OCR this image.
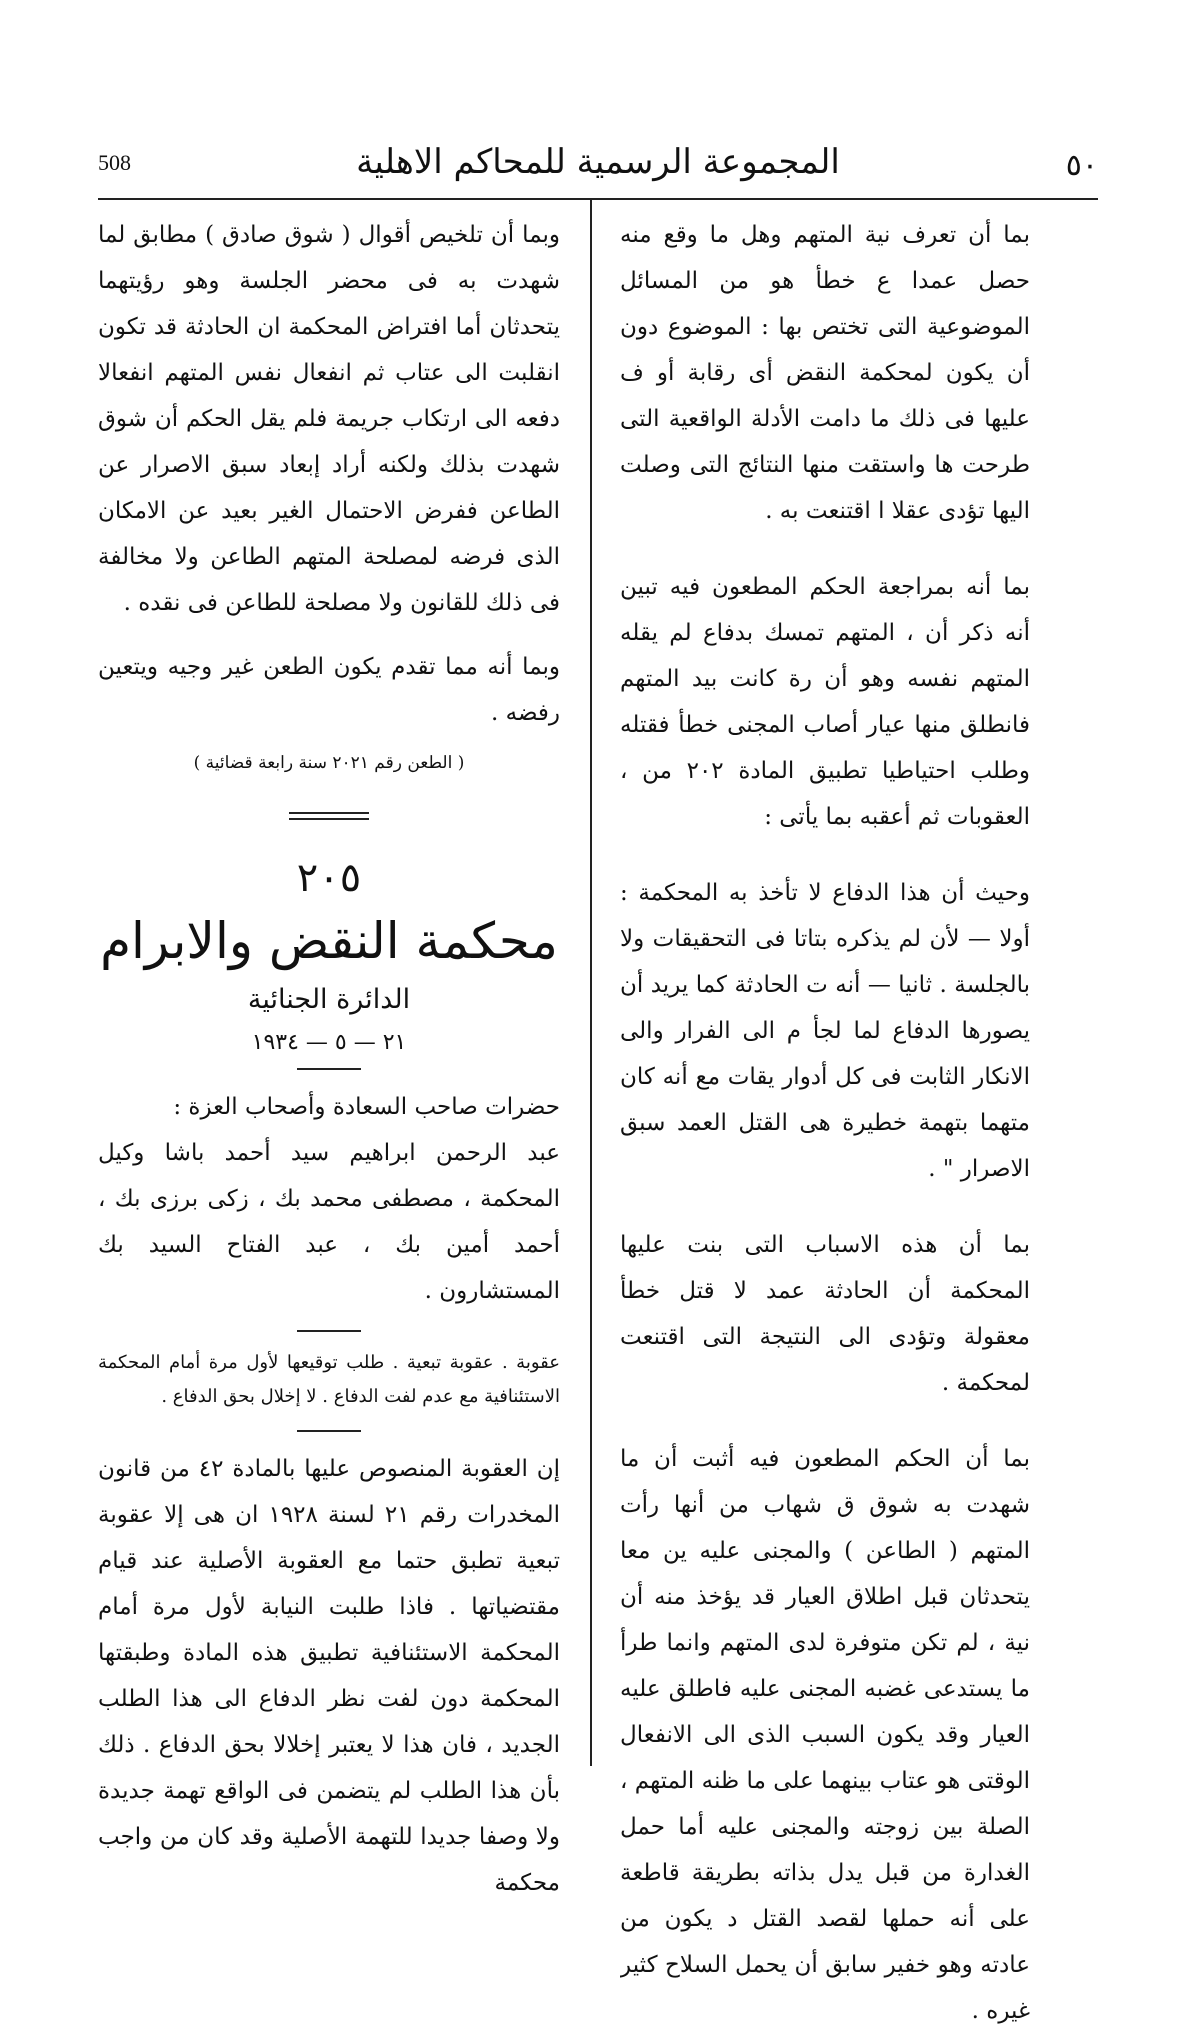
508	المجموعة الرسمية للمحاكم الاهلية	٥٠

بما أن تعرف نية المتهم وهل ما وقع منه حصل عمدا ع خطأ هو من المسائل الموضوعية التى تختص بها : الموضوع دون أن يكون لمحكمة النقض أى رقابة أو ف عليها فى ذلك ما دامت الأدلة الواقعية التى طرحت ها واستقت منها النتائج التى وصلت اليها تؤدى عقلا ا اقتنعت به .

بما أنه بمراجعة الحكم المطعون فيه تبين أنه ذكر أن ، المتهم تمسك بدفاع لم يقله المتهم نفسه وهو أن رة كانت بيد المتهم فانطلق منها عيار أصاب المجنى خطأ فقتله وطلب احتياطيا تطبيق المادة ٢٠٢ من ، العقوبات ثم أعقبه بما يأتى :

وحيث أن هذا الدفاع لا تأخذ به المحكمة : أولا — لأن لم يذكره بتاتا فى التحقيقات ولا بالجلسة . ثانيا — أنه ت الحادثة كما يريد أن يصورها الدفاع لما لجأ م الى الفرار والى الانكار الثابت فى كل أدوار يقات مع أنه كان متهما بتهمة خطيرة هى القتل العمد سبق الاصرار " .

بما أن هذه الاسباب التى بنت عليها المحكمة أن الحادثة عمد لا قتل خطأ معقولة وتؤدى الى النتيجة التى اقتنعت لمحكمة .

بما أن الحكم المطعون فيه أثبت أن ما شهدت به شوق ق شهاب من أنها رأت المتهم ( الطاعن ) والمجنى عليه ين معا يتحدثان قبل اطلاق العيار قد يؤخذ منه أن نية ، لم تكن متوفرة لدى المتهم وانما طرأ ما يستدعى غضبه المجنى عليه فاطلق عليه العيار وقد يكون السبب الذى الى الانفعال الوقتى هو عتاب بينهما على ما ظنه المتهم ، الصلة بين زوجته والمجنى عليه أما حمل الغدارة من قبل يدل بذاته بطريقة قاطعة على أنه حملها لقصد القتل د يكون من عادته وهو خفير سابق أن يحمل السلاح كثير غيره .

وبما أن تلخيص أقوال ( شوق صادق ) مطابق لما شهدت به فى محضر الجلسة وهو رؤيتهما يتحدثان أما افتراض المحكمة ان الحادثة قد تكون انقلبت الى عتاب ثم انفعال نفس المتهم انفعالا دفعه الى ارتكاب جريمة فلم يقل الحكم أن شوق شهدت بذلك ولكنه أراد إبعاد سبق الاصرار عن الطاعن ففرض الاحتمال الغير بعيد عن الامكان الذى فرضه لمصلحة المتهم الطاعن ولا مخالفة فى ذلك للقانون ولا مصلحة للطاعن فى نقده .

وبما أنه مما تقدم يكون الطعن غير وجيه ويتعين رفضه .

( الطعن رقم ٢٠٢١ سنة رابعة قضائية )

٢٠٥
محكمة النقض والابرام
الدائرة الجنائية
٢١ — ٥ — ١٩٣٤

حضرات صاحب السعادة وأصحاب العزة :

عبد الرحمن ابراهيم سيد أحمد باشا وكيل المحكمة ، مصطفى محمد بك ، زكى برزى بك ، أحمد أمين بك ، عبد الفتاح السيد بك المستشارون .

عقوبة . عقوبة تبعية . طلب توقيعها لأول مرة أمام المحكمة الاستئنافية مع عدم لفت الدفاع . لا إخلال بحق الدفاع .

إن العقوبة المنصوص عليها بالمادة ٤٢ من قانون المخدرات رقم ٢١ لسنة ١٩٢٨ ان هى إلا عقوبة تبعية تطبق حتما مع العقوبة الأصلية عند قيام مقتضياتها . فاذا طلبت النيابة لأول مرة أمام المحكمة الاستئنافية تطبيق هذه المادة وطبقتها المحكمة دون لفت نظر الدفاع الى هذا الطلب الجديد ، فان هذا لا يعتبر إخلالا بحق الدفاع . ذلك بأن هذا الطلب لم يتضمن فى الواقع تهمة جديدة ولا وصفا جديدا للتهمة الأصلية وقد كان من واجب محكمة
